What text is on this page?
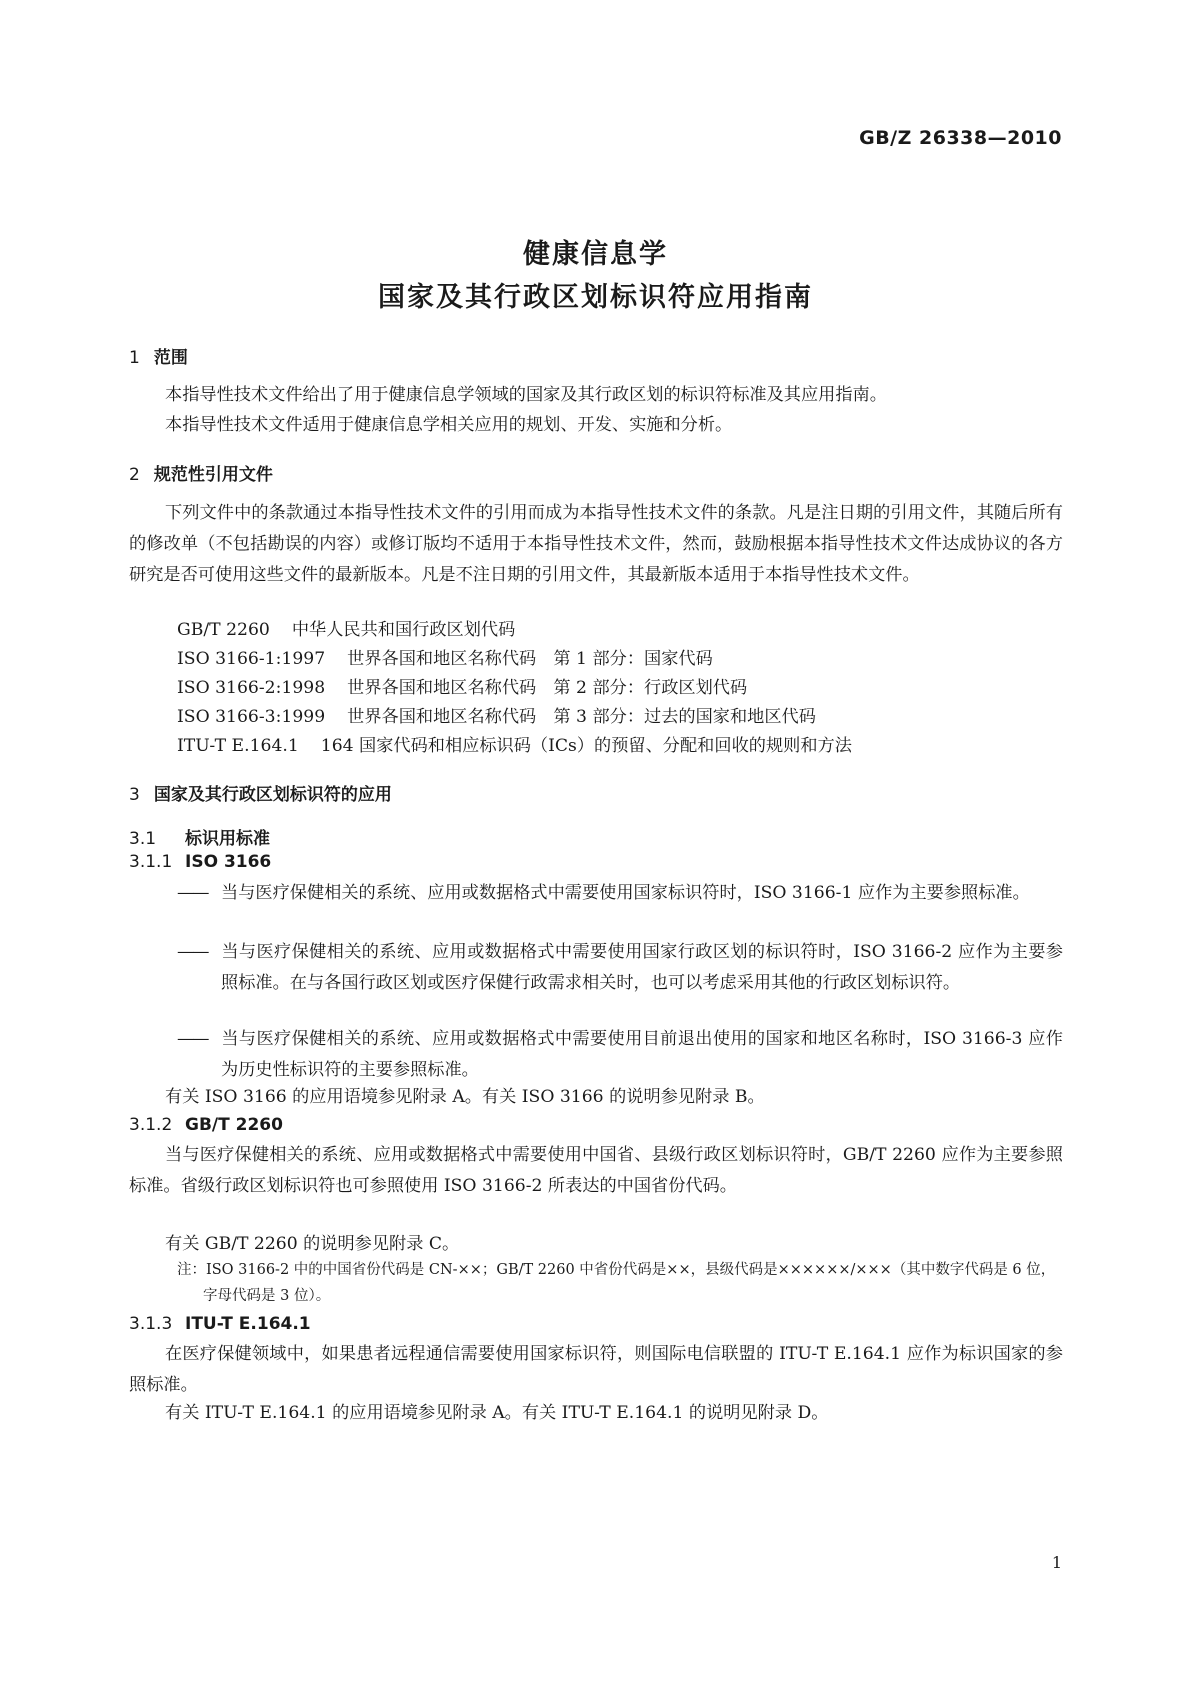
GB/Z 26338—2010
健康信息学
国家及其行政区划标识符应用指南
1 范围
本指导性技术文件给出了用于健康信息学领域的国家及其行政区划的标识符标准及其应用指南。
本指导性技术文件适用于健康信息学相关应用的规划、开发、实施和分析。
2 规范性引用文件
下列文件中的条款通过本指导性技术文件的引用而成为本指导性技术文件的条款。凡是注日期的引用文件，其随后所有的修改单（不包括勘误的内容）或修订版均不适用于本指导性技术文件，然而，鼓励根据本指导性技术文件达成协议的各方研究是否可使用这些文件的最新版本。凡是不注日期的引用文件，其最新版本适用于本指导性技术文件。
GB/T 2260 中华人民共和国行政区划代码
ISO 3166-1:1997 世界各国和地区名称代码　第 1 部分：国家代码
ISO 3166-2:1998 世界各国和地区名称代码　第 2 部分：行政区划代码
ISO 3166-3:1999 世界各国和地区名称代码　第 3 部分：过去的国家和地区代码
ITU-T E.164.1 164 国家代码和相应标识码（ICs）的预留、分配和回收的规则和方法
3 国家及其行政区划标识符的应用
3.1 标识用标准
3.1.1 ISO 3166
—— 当与医疗保健相关的系统、应用或数据格式中需要使用国家标识符时，ISO 3166-1 应作为主要参照标准。
—— 当与医疗保健相关的系统、应用或数据格式中需要使用国家行政区划的标识符时，ISO 3166-2 应作为主要参照标准。在与各国行政区划或医疗保健行政需求相关时，也可以考虑采用其他的行政区划标识符。
—— 当与医疗保健相关的系统、应用或数据格式中需要使用目前退出使用的国家和地区名称时，ISO 3166-3 应作为历史性标识符的主要参照标准。
有关 ISO 3166 的应用语境参见附录 A。有关 ISO 3166 的说明参见附录 B。
3.1.2 GB/T 2260
当与医疗保健相关的系统、应用或数据格式中需要使用中国省、县级行政区划标识符时，GB/T 2260 应作为主要参照标准。省级行政区划标识符也可参照使用 ISO 3166-2 所表达的中国省份代码。
有关 GB/T 2260 的说明参见附录 C。
注：ISO 3166-2 中的中国省份代码是 CN-××；GB/T 2260 中省份代码是××，县级代码是××××××/×××（其中数字代码是 6 位，字母代码是 3 位）。
3.1.3 ITU-T E.164.1
在医疗保健领域中，如果患者远程通信需要使用国家标识符，则国际电信联盟的 ITU-T E.164.1 应作为标识国家的参照标准。
有关 ITU-T E.164.1 的应用语境参见附录 A。有关 ITU-T E.164.1 的说明见附录 D。
1
